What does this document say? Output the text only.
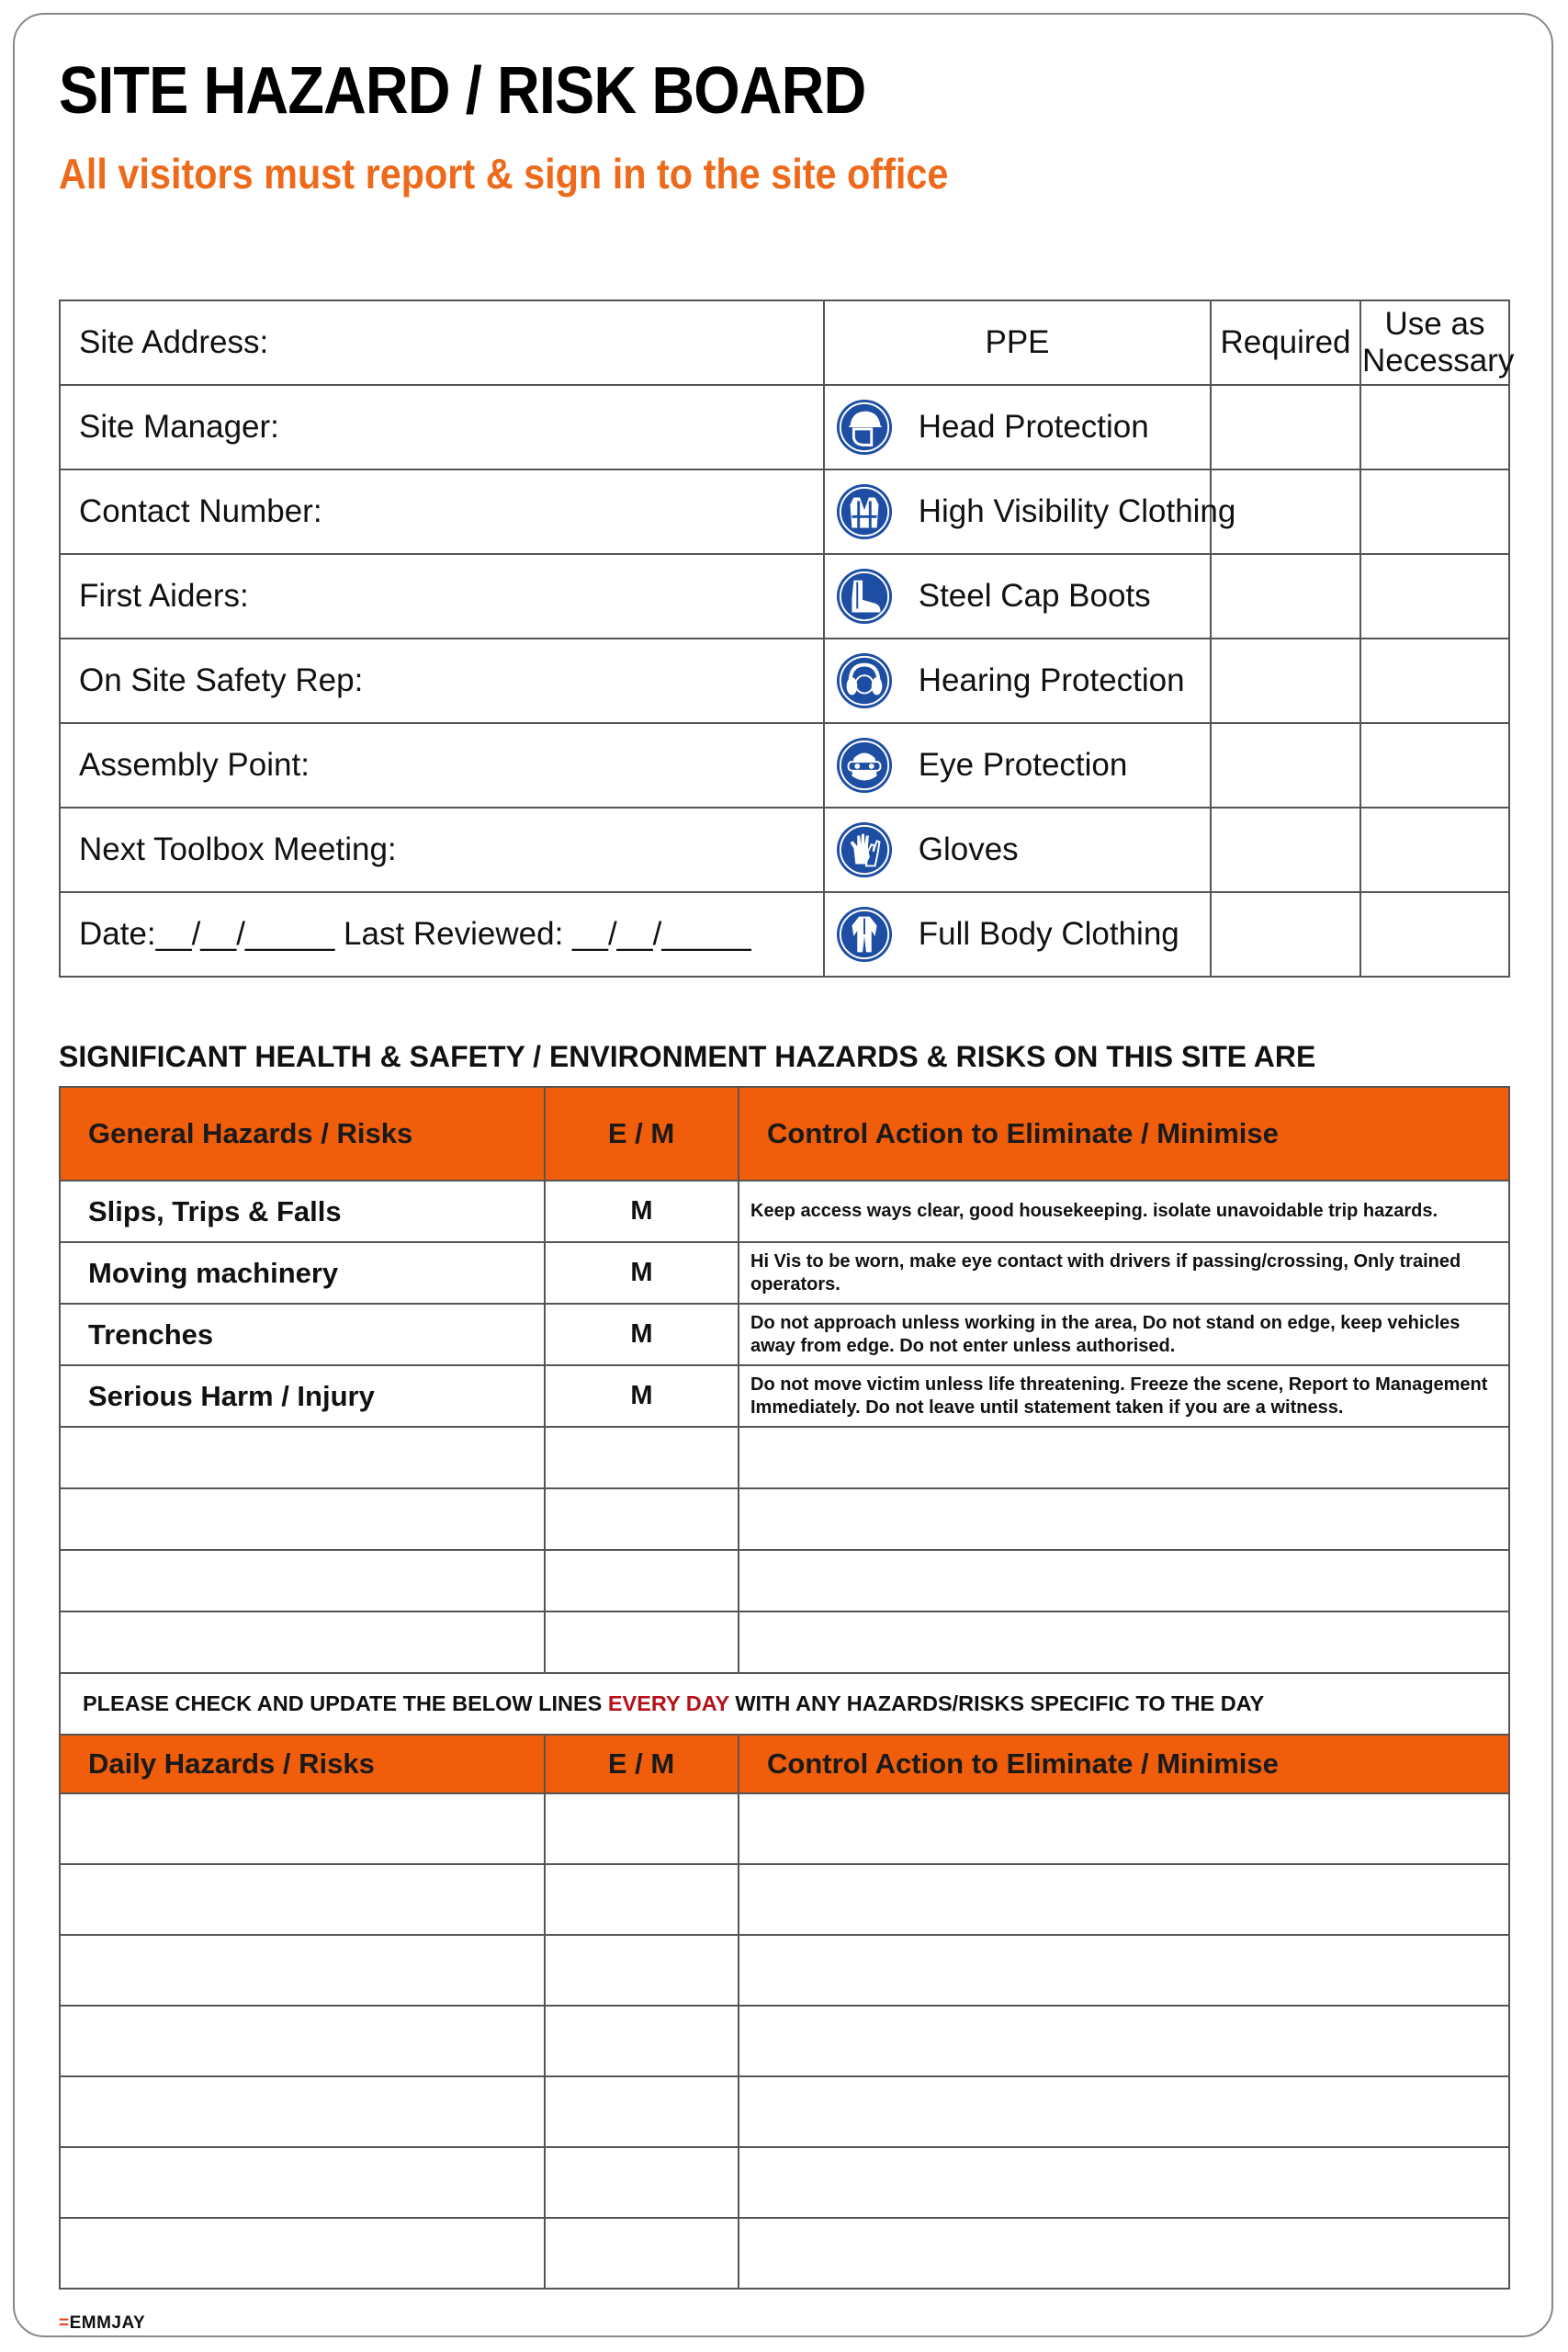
SITE HAZARD / RISK BOARD
All visitors must report & sign in to the site office
Site Address:	PPE	Required	Use as Necessary
Site Manager:	Head Protection		
Contact Number:	High Visibility Clothing		
First Aiders:	Steel Cap Boots		
On Site Safety Rep:	Hearing Protection		
Assembly Point:	Eye Protection		
Next Toolbox Meeting:	Gloves		
Date:__/__/_____ Last Reviewed: __/__/_____	Full Body Clothing		
SIGNIFICANT HEALTH & SAFETY / ENVIRONMENT HAZARDS & RISKS ON THIS SITE ARE
General Hazards / Risks	E / M	Control Action to Eliminate / Minimise
Slips, Trips & Falls	M	Keep access ways clear, good housekeeping. isolate unavoidable trip hazards.
Moving machinery	M	Hi Vis to be worn, make eye contact with drivers if passing/crossing, Only trained operators.
Trenches	M	Do not approach unless working in the area, Do not stand on edge, keep vehicles away from edge. Do not enter unless authorised.
Serious Harm / Injury	M	Do not move victim unless life threatening. Freeze the scene, Report to Management Immediately. Do not leave until statement taken if you are a witness.

PLEASE CHECK AND UPDATE THE BELOW LINES EVERY DAY WITH ANY HAZARDS/RISKS SPECIFIC TO THE DAY		
Daily Hazards / Risks	E / M	Control Action to Eliminate / Minimise

=EMMJAY
